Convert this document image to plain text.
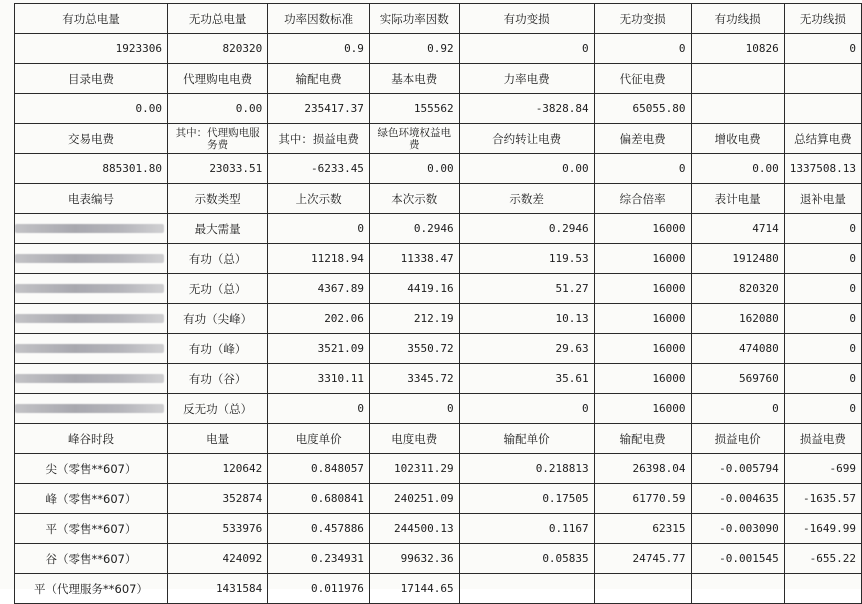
有功总电量	无功总电量	功率因数标准	实际功率因数	有功变损	无功变损	有功线损	无功线损
1923306	820320	0.9	0.92	0	0	10826	0
目录电费	代理购电电费	输配电费	基本电费	力率电费	代征电费		
0.00	0.00	235417.37	155562	-3828.84	65055.80		
交易电费	其中：代理购电服务费	其中：损益电费	绿色环境权益电费	合约转让电费	偏差电费	增收电费	总结算电费
885301.80	23033.51	-6233.45	0.00	0.00	0	0.00	1337508.13
电表编号	示数类型	上次示数	本次示数	示数差	综合倍率	表计电量	退补电量

	最大需量	0	0.2946	0.2946	16000	4714	0

	有功（总）	11218.94	11338.47	119.53	16000	1912480	0

	无功（总）	4367.89	4419.16	51.27	16000	820320	0

	有功（尖峰）	202.06	212.19	10.13	16000	162080	0

	有功（峰）	3521.09	3550.72	29.63	16000	474080	0

	有功（谷）	3310.11	3345.72	35.61	16000	569760	0

	反无功（总）	0	0	0	16000	0	0
峰谷时段	电量	电度单价	电度电费	输配单价	输配电费	损益电价	损益电费
尖（零售**607）	120642	0.848057	102311.29	0.218813	26398.04	-0.005794	-699
峰（零售**607）	352874	0.680841	240251.09	0.17505	61770.59	-0.004635	-1635.57
平（零售**607）	533976	0.457886	244500.13	0.1167	62315	-0.003090	-1649.99
谷（零售**607）	424092	0.234931	99632.36	0.05835	24745.77	-0.001545	-655.22
平（代理服务**607）	1431584	0.011976	17144.65				
